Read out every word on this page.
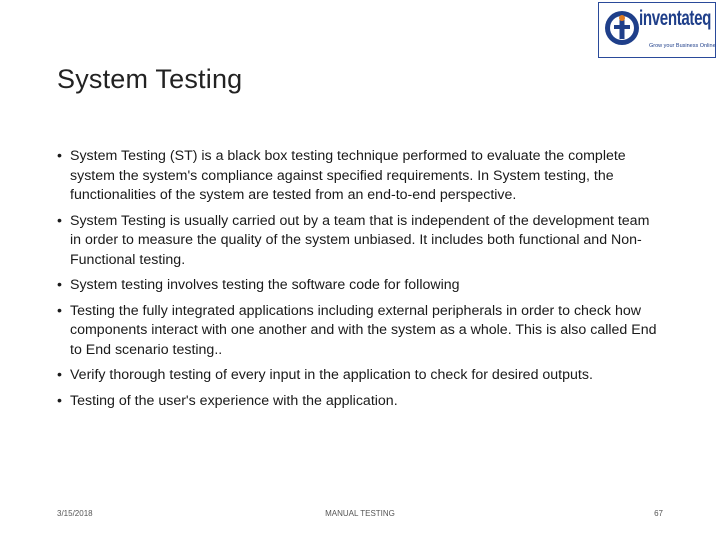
inventateq
Grow your Business Online
System Testing
• System Testing (ST) is a black box testing technique performed to evaluate the complete system the system's compliance against specified requirements. In System testing, the functionalities of the system are tested from an end-to-end perspective.
• System Testing is usually carried out by a team that is independent of the development team in order to measure the quality of the system unbiased. It includes both functional and Non-Functional testing.
• System testing involves testing the software code for following
• Testing the fully integrated applications including external peripherals in order to check how components interact with one another and with the system as a whole. This is also called End to End scenario testing..
• Verify thorough testing of every input in the application to check for desired outputs.
• Testing of the user's experience with the application.
3/15/2018	MANUAL TESTING	67
